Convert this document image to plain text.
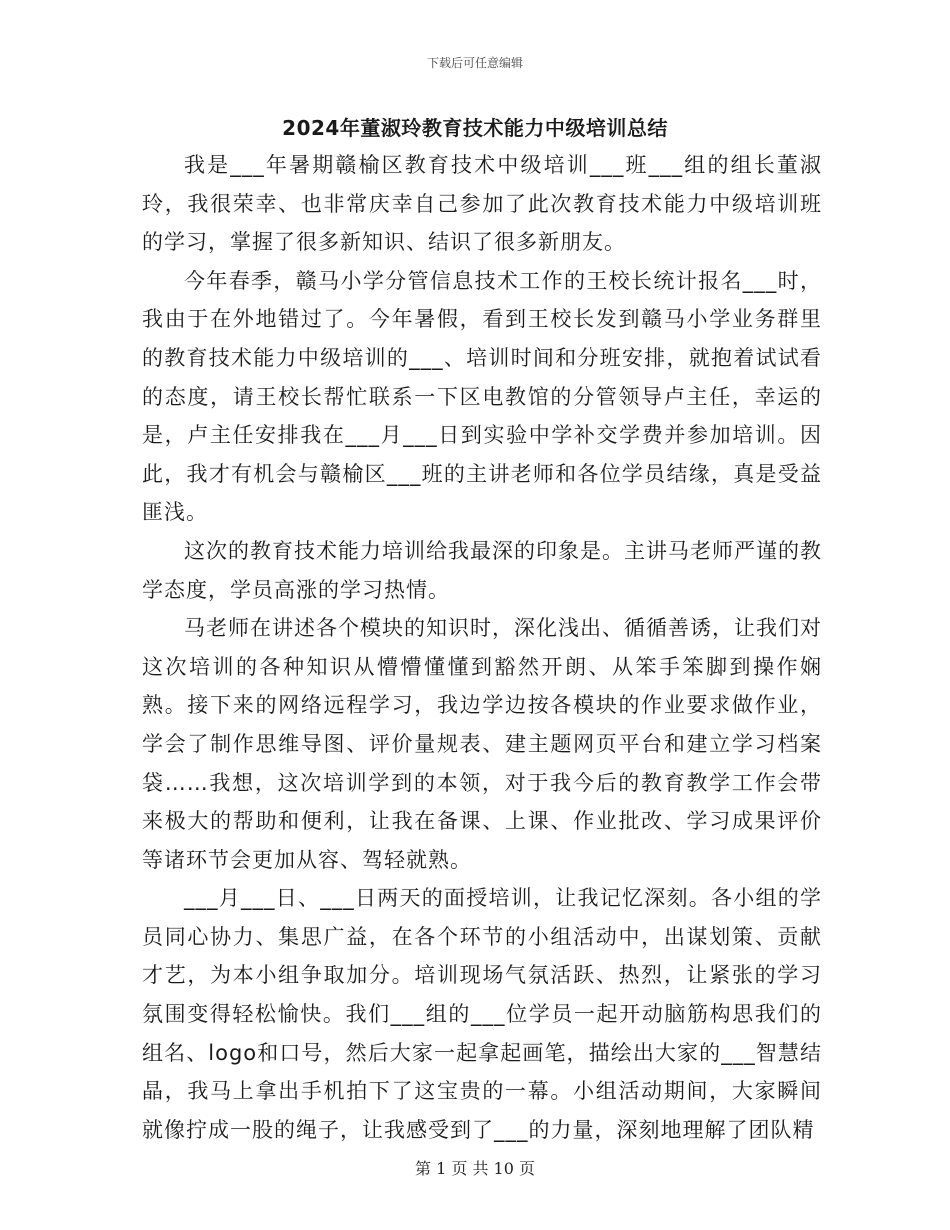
下载后可任意编辑
2024年董淑玲教育技术能力中级培训总结

我是___年暑期赣榆区教育技术中级培训___班___组的组长董淑玲，我很荣幸、也非常庆幸自己参加了此次教育技术能力中级培训班的学习，掌握了很多新知识、结识了很多新朋友。

今年春季，赣马小学分管信息技术工作的王校长统计报名___时，我由于在外地错过了。今年暑假，看到王校长发到赣马小学业务群里的教育技术能力中级培训的___、培训时间和分班安排，就抱着试试看的态度，请王校长帮忙联系一下区电教馆的分管领导卢主任，幸运的是，卢主任安排我在___月___日到实验中学补交学费并参加培训。因此，我才有机会与赣榆区___班的主讲老师和各位学员结缘，真是受益匪浅。

这次的教育技术能力培训给我最深的印象是。主讲马老师严谨的教学态度，学员高涨的学习热情。

马老师在讲述各个模块的知识时，深化浅出、循循善诱，让我们对这次培训的各种知识从懵懵懂懂到豁然开朗、从笨手笨脚到操作娴熟。接下来的网络远程学习，我边学边按各模块的作业要求做作业，学会了制作思维导图、评价量规表、建主题网页平台和建立学习档案袋……我想，这次培训学到的本领，对于我今后的教育教学工作会带来极大的帮助和便利，让我在备课、上课、作业批改、学习成果评价等诸环节会更加从容、驾轻就熟。

___月___日、___日两天的面授培训，让我记忆深刻。各小组的学员同心协力、集思广益，在各个环节的小组活动中，出谋划策、贡献才艺，为本小组争取加分。培训现场气氛活跃、热烈，让紧张的学习氛围变得轻松愉快。我们___组的___位学员一起开动脑筋构思我们的组名、logo和口号，然后大家一起拿起画笔，描绘出大家的___智慧结晶，我马上拿出手机拍下了这宝贵的一幕。小组活动期间，大家瞬间就像拧成一股的绳子，让我感受到了___的力量，深刻地理解了团队精

第 1 页 共 10 页
